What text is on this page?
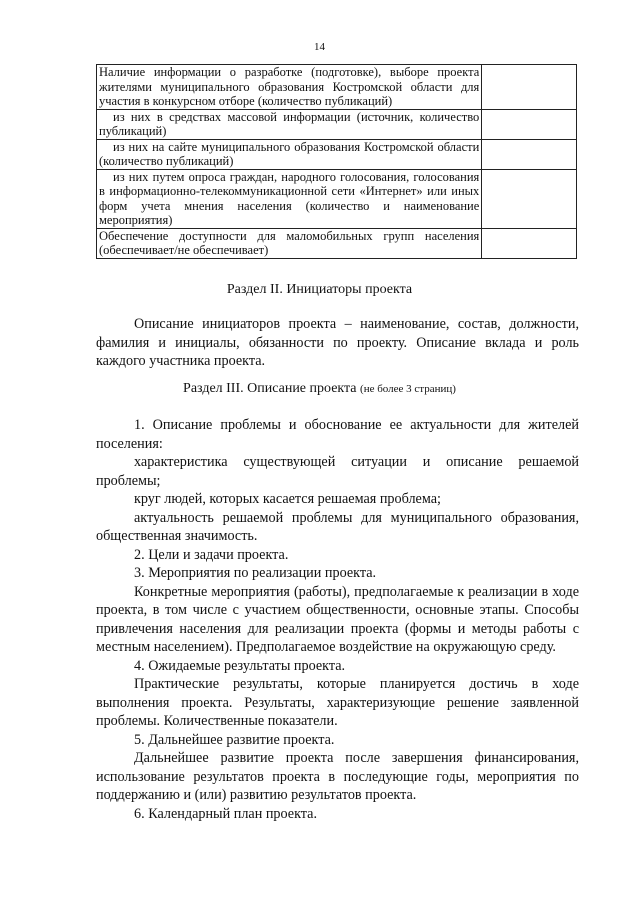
14
Наличие информации о разработке (подготовке), выборе проекта жителями муниципального образования Костромской области для участия в конкурсном отборе (количество публикаций)	
из них в средствах массовой информации (источник, количество публикаций)	
из них на сайте муниципального образования Костромской области (количество публикаций)	
из них путем опроса граждан, народного голосования, голосования в информационно-телекоммуникационной сети «Интернет» или иных форм учета мнения населения (количество и наименование мероприятия)	
Обеспечение доступности для маломобильных групп населения (обеспечивает/не обеспечивает)	
Раздел II. Инициаторы проекта

Описание инициаторов проекта – наименование, состав, должности, фамилия и инициалы, обязанности по проекту. Описание вклада и роль каждого участника проекта.

Раздел III. Описание проекта (не более 3 страниц)

1. Описание проблемы и обоснование ее актуальности для жителей поселения:

характеристика существующей ситуации и описание решаемой проблемы;

круг людей, которых касается решаемая проблема;

актуальность решаемой проблемы для муниципального образования, общественная значимость.

2. Цели и задачи проекта.

3. Мероприятия по реализации проекта.

Конкретные мероприятия (работы), предполагаемые к реализации в ходе проекта, в том числе с участием общественности, основные этапы. Способы привлечения населения для реализации проекта (формы и методы работы с местным населением). Предполагаемое воздействие на окружающую среду.

4. Ожидаемые результаты проекта.

Практические результаты, которые планируется достичь в ходе выполнения проекта. Результаты, характеризующие решение заявленной проблемы. Количественные показатели.

5. Дальнейшее развитие проекта.

Дальнейшее развитие проекта после завершения финансирования, использование результатов проекта в последующие годы, мероприятия по поддержанию и (или) развитию результатов проекта.

6. Календарный план проекта.
